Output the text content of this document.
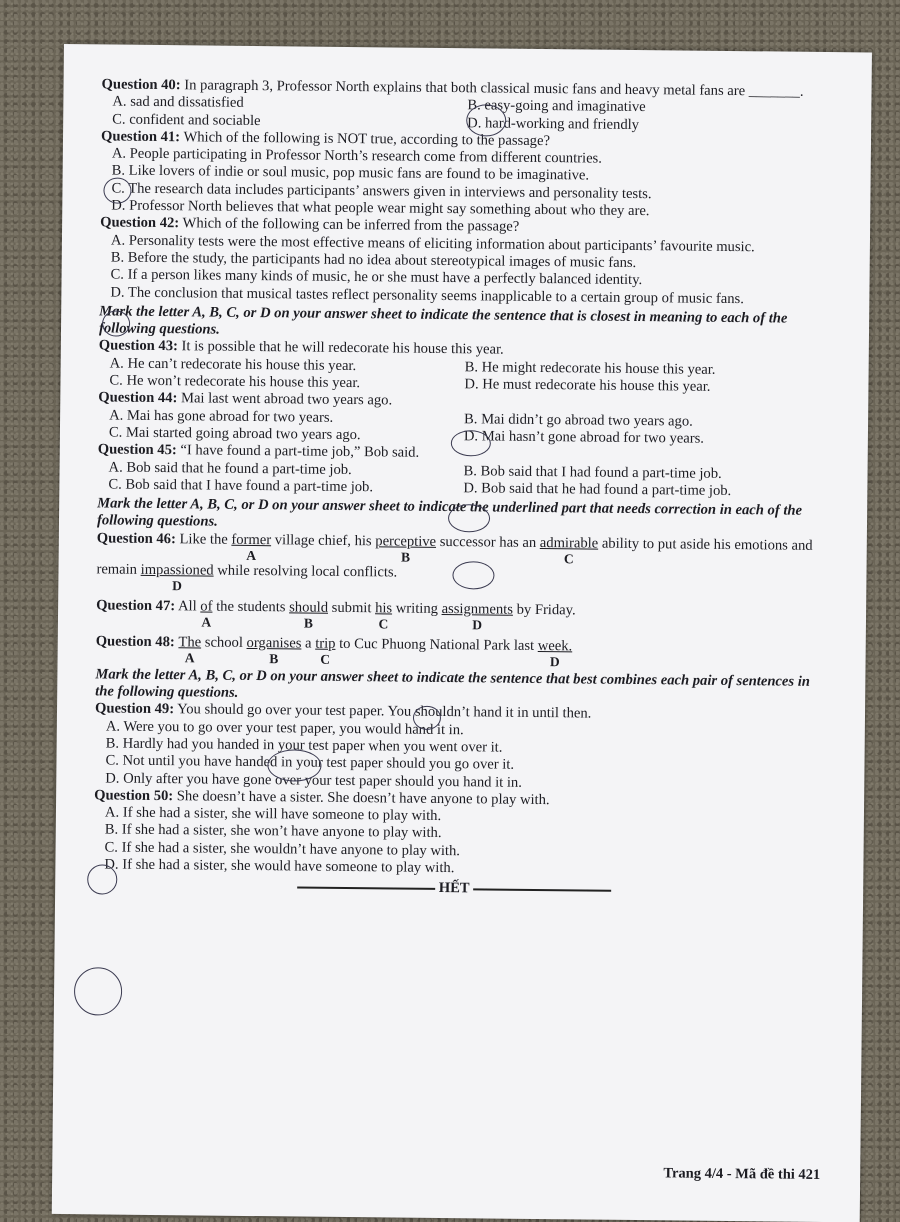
Question 40: In paragraph 3, Professor North explains that both classical music fans and heavy metal fans are _______.

A. sad and dissatisfied	B. easy-going and imaginative
C. confident and sociable	D. hard-working and friendly

Question 41: Which of the following is NOT true, according to the passage?

A. People participating in Professor North’s research come from different countries.
B. Like lovers of indie or soul music, pop music fans are found to be imaginative.
C. The research data includes participants’ answers given in interviews and personality tests.
D. Professor North believes that what people wear might say something about who they are.

Question 42: Which of the following can be inferred from the passage?

A. Personality tests were the most effective means of eliciting information about participants’ favourite music.
B. Before the study, the participants had no idea about stereotypical images of music fans.
C. If a person likes many kinds of music, he or she must have a perfectly balanced identity.
D. The conclusion that musical tastes reflect personality seems inapplicable to a certain group of music fans.

Mark the letter A, B, C, or D on your answer sheet to indicate the sentence that is closest in meaning to each of the following questions.

Question 43: It is possible that he will redecorate his house this year.

A. He can’t redecorate his house this year.	B. He might redecorate his house this year.
C. He won’t redecorate his house this year.	D. He must redecorate his house this year.

Question 44: Mai last went abroad two years ago.

A. Mai has gone abroad for two years.	B. Mai didn’t go abroad two years ago.
C. Mai started going abroad two years ago.	D. Mai hasn’t gone abroad for two years.

Question 45: “I have found a part-time job,” Bob said.

A. Bob said that he found a part-time job.	B. Bob said that I had found a part-time job.
C. Bob said that I have found a part-time job.	D. Bob said that he had found a part-time job.

Mark the letter A, B, C, or D on your answer sheet to indicate the underlined part that needs correction in each of the following questions.

Question 46: Like the former
A
village chief, his perceptive
B
successor has an admirable
C
ability to put aside his emotions and remain impassioned
D
while resolving local conflicts.

Question 47: All $\frac{of}{A}$ the students should
B
submit his
C
writing assignments
D
by Friday.

Question 48: The
A
school organises
B
a trip
C
to Cuc Phuong National Park last week.
D

Mark the letter A, B, C, or D on your answer sheet to indicate the sentence that best combines each pair of sentences in the following questions.

Question 49: You should go over your test paper. You shouldn’t hand it in until then.

A. Were you to go over your test paper, you would hand it in.
B. Hardly had you handed in your test paper when you went over it.
C. Not until you have handed in your test paper should you go over it.
D. Only after you have gone over your test paper should you hand it in.

Question 50: She doesn’t have a sister. She doesn’t have anyone to play with.

A. If she had a sister, she will have someone to play with.
B. If she had a sister, she won’t have anyone to play with.
C. If she had a sister, she wouldn’t have anyone to play with.
D. If she had a sister, she would have someone to play with.
HẾT
Trang 4/4 - Mã đề thi 421
